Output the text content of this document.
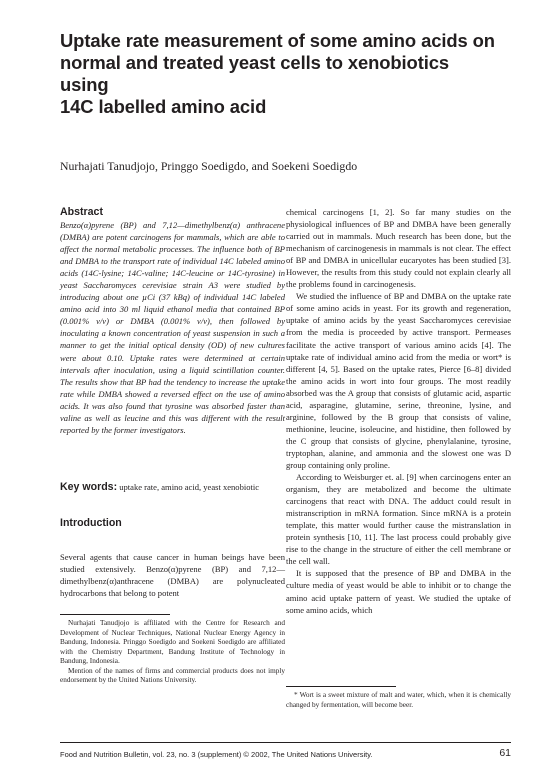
Uptake rate measurement of some amino acids on
normal and treated yeast cells to xenobiotics using
14C labelled amino acid
Nurhajati Tanudjojo, Pringgo Soedigdo, and Soekeni Soedigdo
Abstract

Benzo(α)pyrene (BP) and 7,12—dimethylbenz(α) anthracene (DMBA) are potent carcinogens for mammals, which are able to affect the normal metabolic processes. The influence both of BP and DMBA to the transport rate of individual 14C labeled amino acids (14C-lysine; 14C-valine; 14C-leucine or 14C-tyrosine) in yeast Saccharomyces cerevisiae strain A3 were studied by introducing about one µCi (37 kBq) of individual 14C labeled amino acid into 30 ml liquid ethanol media that contained BP (0.001% v/v) or DMBA (0.001% v/v), then followed by inoculating a known concentration of yeast suspension in such a manner to get the initial optical density (OD) of new cultures were about 0.10. Uptake rates were determined at certain intervals after inoculation, using a liquid scintillation counter. The results show that BP had the tendency to increase the uptake rate while DMBA showed a reversed effect on the use of amino acids. It was also found that tyrosine was absorbed faster than valine as well as leucine and this was different with the result reported by the former investigators.

Key words: uptake rate, amino acid, yeast xenobiotic
Introduction

Several agents that cause cancer in human beings have been studied extensively. Benzo(α)pyrene (BP) and 7,12—dimethylbenz(α)anthracene (DMBA) are polynucleated hydrocarbons that belong to potent

Nurhajati Tanudjojo is affiliated with the Centre for Research and Development of Nuclear Techniques, National Nuclear Energy Agency in Bandung, Indonesia. Pringgo Soedigdo and Soekeni Soedigdo are affiliated with the Chemistry Department, Bandung Institute of Technology in Bandung, Indonesia.

Mention of the names of firms and commercial products does not imply endorsement by the United Nations University.

chemical carcinogens [1, 2]. So far many studies on the physiological influences of BP and DMBA have been generally carried out in mammals. Much research has been done, but the mechanism of carcinogenesis in mammals is not clear. The effect of BP and DMBA in unicellular eucaryotes has been studied [3]. However, the results from this study could not explain clearly all the problems found in carcinogenesis.

We studied the influence of BP and DMBA on the uptake rate of some amino acids in yeast. For its growth and regeneration, uptake of amino acids by the yeast Saccharomyces cerevisiae from the media is proceeded by active transport. Permeases facilitate the active transport of various amino acids [4]. The uptake rate of individual amino acid from the media or wort* is different [4, 5]. Based on the uptake rates, Pierce [6–8] divided the amino acids in wort into four groups. The most readily absorbed was the A group that consists of glutamic acid, aspartic acid, asparagine, glutamine, serine, threonine, lysine, and arginine, followed by the B group that consists of valine, methionine, leucine, isoleucine, and histidine, then followed by the C group that consists of glycine, phenylalanine, tyrosine, tryptophan, alanine, and ammonia and the slowest one was D group containing only proline.

According to Weisburger et. al. [9] when carcinogens enter an organism, they are metabolized and become the ultimate carcinogens that react with DNA. The adduct could result in mistranscription in mRNA formation. Since mRNA is a protein template, this matter would further cause the mistranslation in protein synthesis [10, 11]. The last process could probably give rise to the change in the structure of either the cell membrane or the cell wall.

It is supposed that the presence of BP and DMBA in the culture media of yeast would be able to inhibit or to change the amino acid uptake pattern of yeast. We studied the uptake of some amino acids, which

* Wort is a sweet mixture of malt and water, which, when it is chemically changed by fermentation, will become beer.

Food and Nutrition Bulletin, vol. 23, no. 3 (supplement) © 2002, The United Nations University.	61
